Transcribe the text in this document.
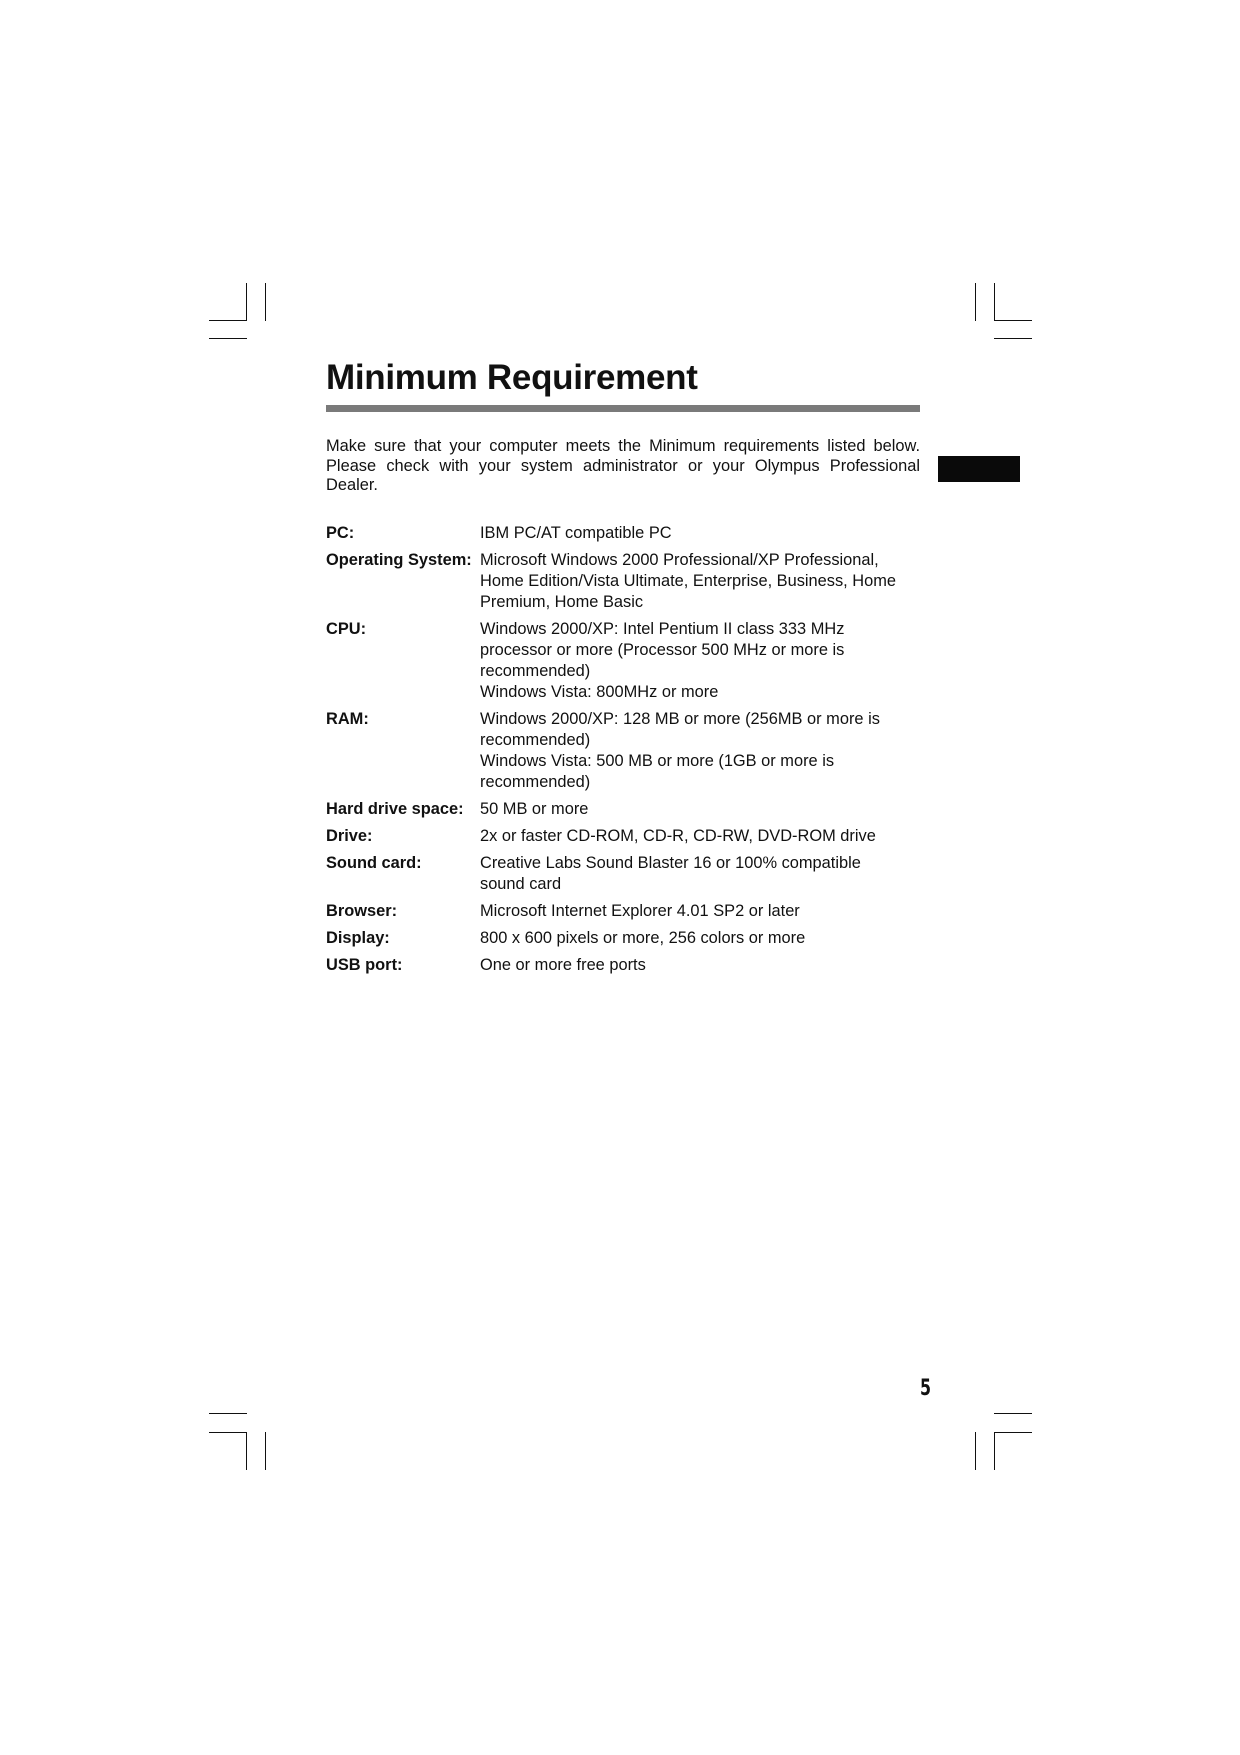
Minimum Requirement

Make sure that your computer meets the Minimum requirements listed below. Please check with your system administrator or your Olympus Professional Dealer.

PC:	IBM PC/AT compatible PC
Operating System: Microsoft Windows 2000 Professional/XP Professional,
Home Edition/Vista Ultimate, Enterprise, Business, Home
Premium, Home Basic
CPU:	Windows 2000/XP: Intel Pentium II class 333 MHz
processor or more (Processor 500 MHz or more is
recommended)
Windows Vista: 800MHz or more
RAM:	Windows 2000/XP: 128 MB or more (256MB or more is
recommended)
Windows Vista: 500 MB or more (1GB or more is
recommended)
Hard drive space:	50 MB or more
Drive:	2x or faster CD-ROM, CD-R, CD-RW, DVD-ROM drive
Sound card:	Creative Labs Sound Blaster 16 or 100% compatible
sound card
Browser:	Microsoft Internet Explorer 4.01 SP2 or later
Display:	800 x 600 pixels or more, 256 colors or more
USB port:	One or more free ports
5
